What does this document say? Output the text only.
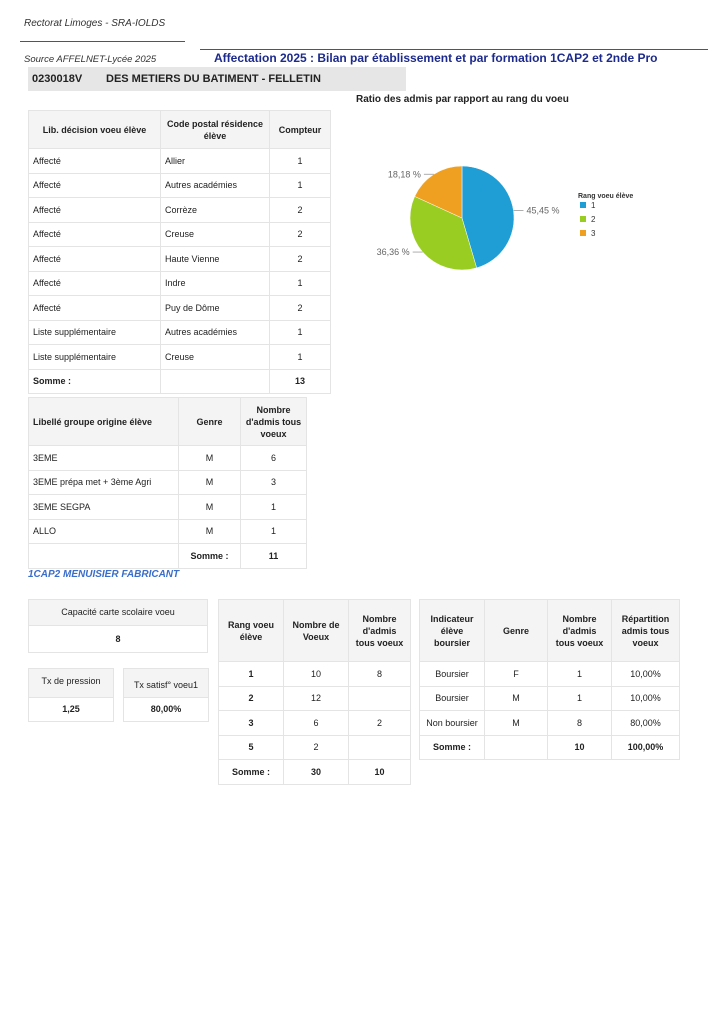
Rectorat Limoges - SRA-IOLDS
Source AFFELNET-Lycée 2025	Affectation 2025 : Bilan par établissement et par formation 1CAP2 et 2nde Pro
0230018V DES METIERS DU BATIMENT - FELLETIN
Lib. décision voeu élève	Code postal résidence élève	Compteur
Affecté	Allier	1
Affecté	Autres académies	1
Affecté	Corrèze	2
Affecté	Creuse	2
Affecté	Haute Vienne	2
Affecté	Indre	1
Affecté	Puy de Dôme	2
Liste supplémentaire	Autres académies	1
Liste supplémentaire	Creuse	1
Somme :		13
Libellé groupe origine élève	Genre	Nombre d'admis tous voeux
3EME	M	6
3EME prépa met + 3ème Agri	M	3
3EME SEGPA	M	1
ALLO	M	1
	Somme :	11
Ratio des admis par rapport au rang du voeu
45,45 %
36,36 %
18,18 %
Rang voeu élève
1
2
3
1CAP2 MENUISIER FABRICANT
Capacité carte scolaire voeu
8
Tx de pression
1,25
Tx satisf° voeu1
80,00%
Rang voeu élève	Nombre de Voeux	Nombre d'admis tous voeux
1	10	8
2	12	
3	6	2
5	2	
Somme :	30	10
Indicateur élève boursier	Genre	Nombre d'admis tous voeux	Répartition admis tous voeux
Boursier	F	1	10,00%
Boursier	M	1	10,00%
Non boursier	M	8	80,00%
Somme :		10	100,00%
